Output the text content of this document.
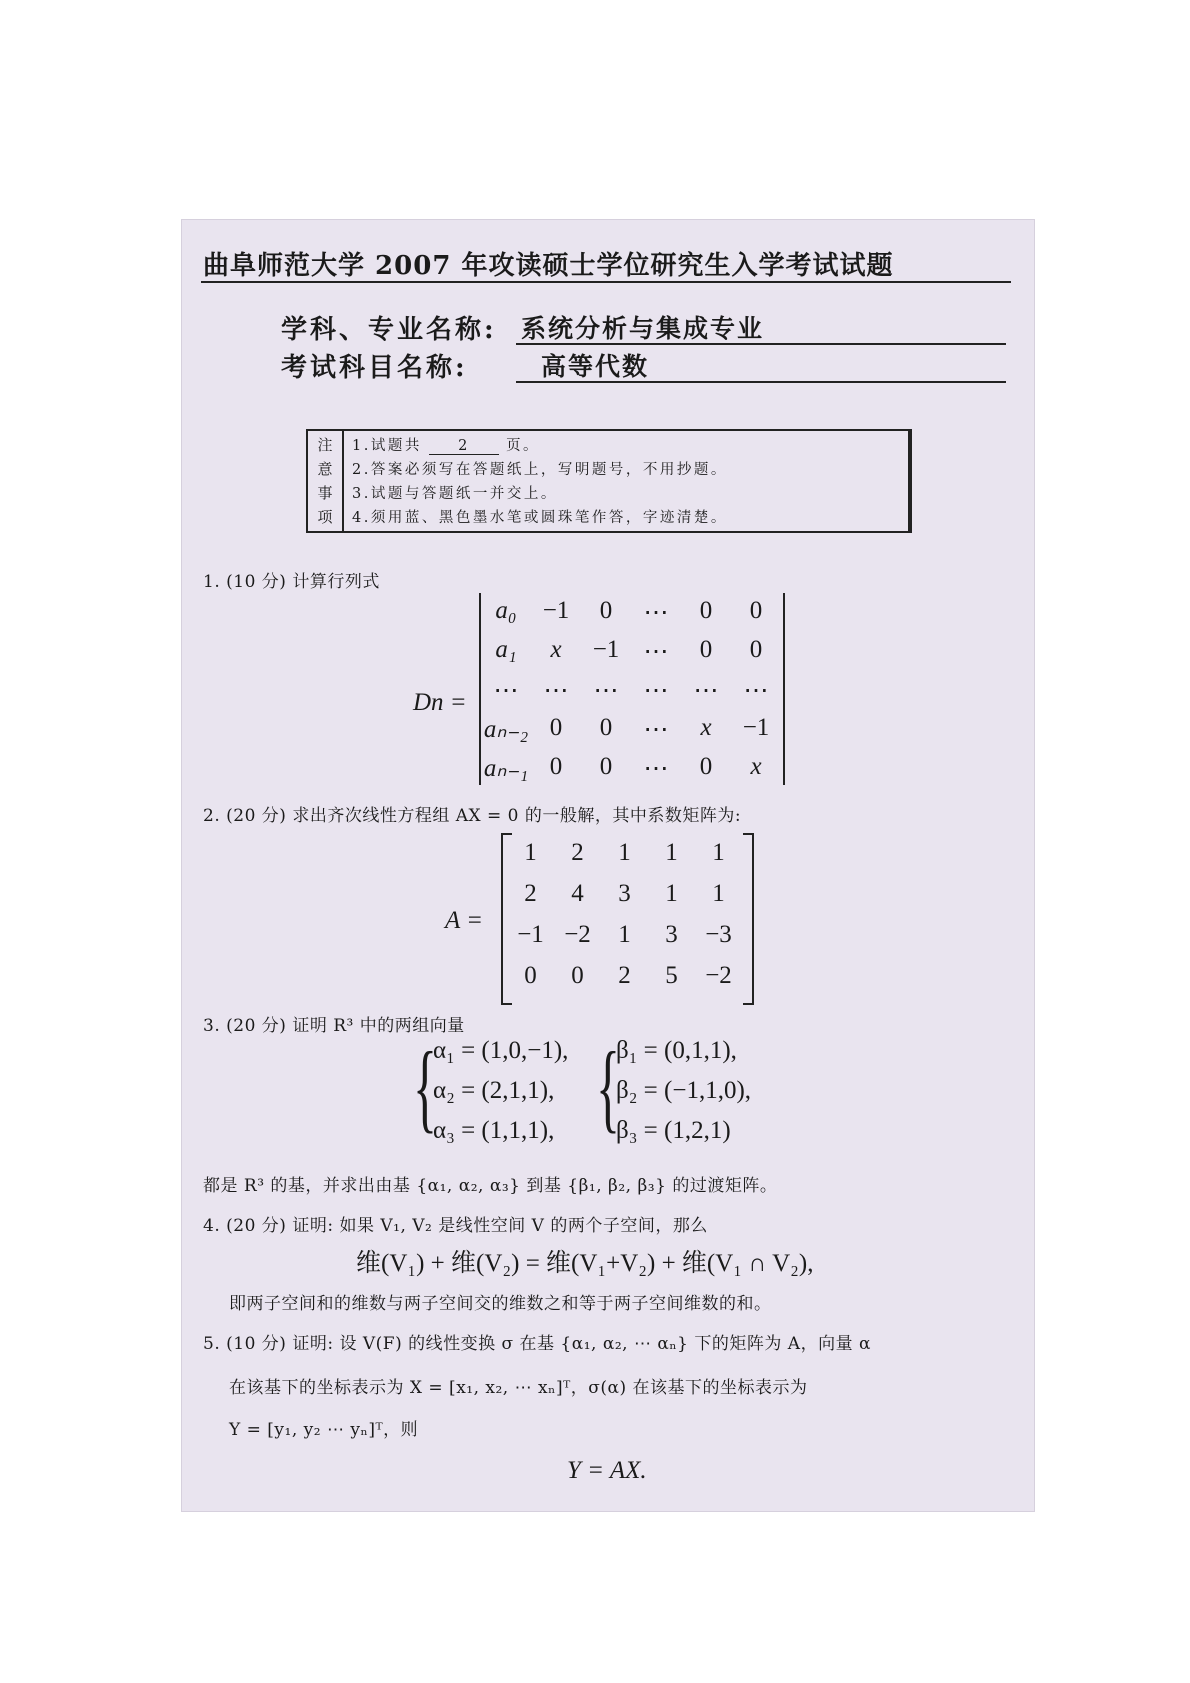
曲阜师范大学 2007 年攻读硕士学位研究生入学考试试题
学科、专业名称: 系统分析与集成专业
考试科目名称:	高等代数
注
意
事
项
1.试题共 2	页。
2.答案必须写在答题纸上，写明题号，不用抄题。
3.试题与答题纸一并交上。
4.须用蓝、黑色墨水笔或圆珠笔作答，字迹清楚。
1. (10 分) 计算行列式
Dn =
2. (20 分) 求出齐次线性方程组 AX = 0 的一般解，其中系数矩阵为:
A =
3. (20 分) 证明 R³ 中的两组向量
{
α₁ = (1,0,−1),
α₂ = (2,1,1),
α₃ = (1,1,1), {
β₁ = (0,1,1),
β₂ = (−1,1,0),
β₃ = (1,2,1)
都是 R³ 的基，并求出由基 {α₁, α₂, α₃} 到基 {β₁, β₂, β₃} 的过渡矩阵。
4. (20 分) 证明: 如果 V₁, V₂ 是线性空间 V 的两个子空间，那么
维(V₁) + 维(V₂) = 维(V₁+V₂) + 维(V₁ ∩ V₂),
即两子空间和的维数与两子空间交的维数之和等于两子空间维数的和。
5. (10 分) 证明: 设 V(F) 的线性变换 σ 在基 {α₁, α₂, ⋯ αₙ} 下的矩阵为 A，向量 α
在该基下的坐标表示为 X = [x₁, x₂, ⋯ xₙ]ᵀ，σ(α) 在该基下的坐标表示为
Y = [y₁, y₂ ⋯ yₙ]ᵀ，则
Y = AX.
a₀	−1	0	⋯	0	0
a₁	x	−1 ⋯	0	0
⋯	⋯	⋯	⋯	⋯	⋯
aₙ₋₂ 0	0	⋯	x	−1
aₙ₋₁ 0	0	⋯	0	x
1	2	1	1	1
2	4	3	1	1
−1 −2	1	3	−3
0	0	2	5	−2
